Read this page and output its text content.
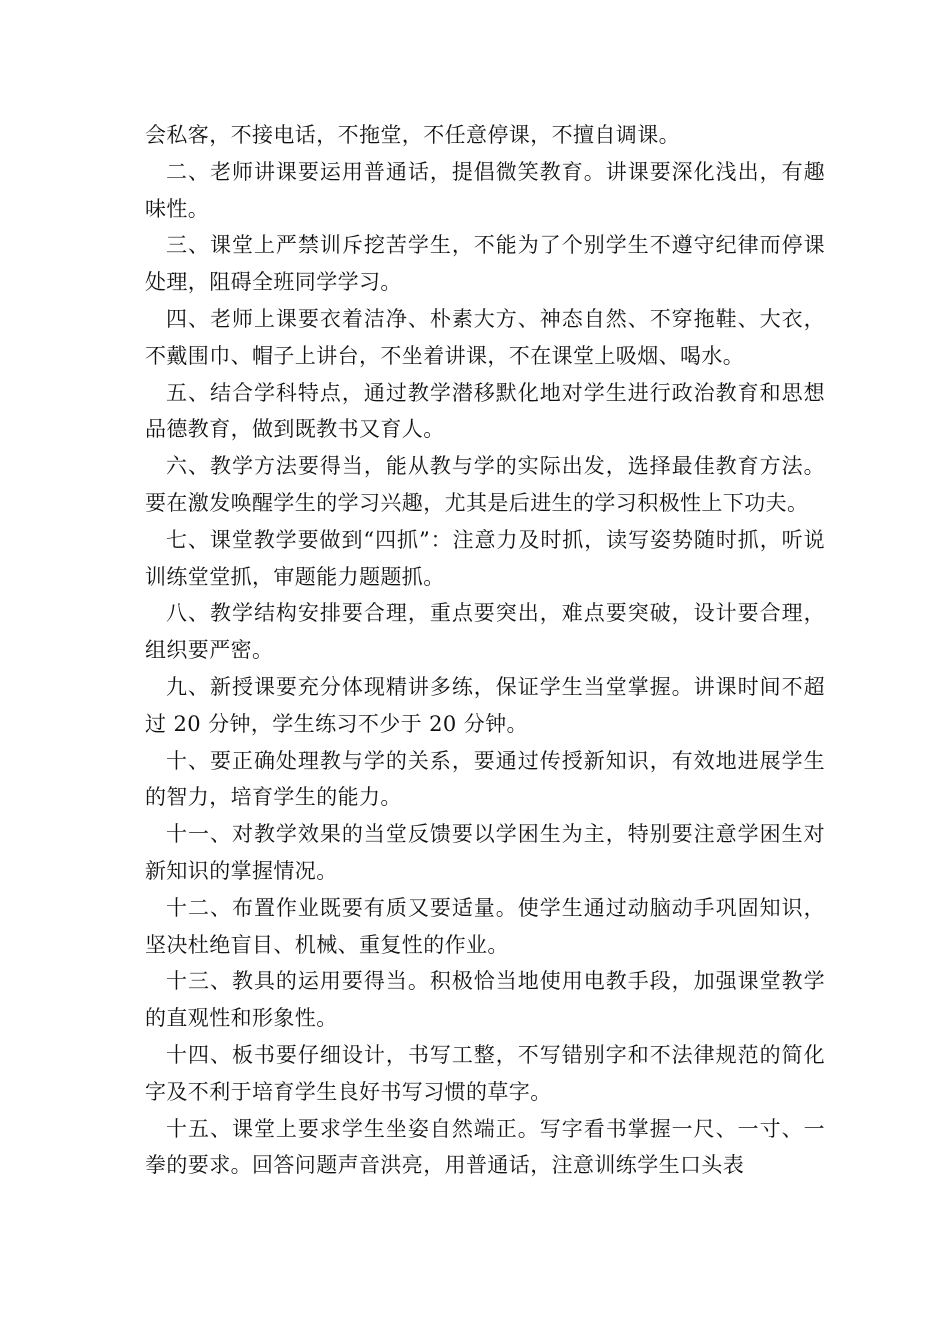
会私客，不接电话，不拖堂，不任意停课，不擅自调课。

二、老师讲课要运用普通话，提倡微笑教育。讲课要深化浅出，有趣味性。

三、课堂上严禁训斥挖苦学生，不能为了个别学生不遵守纪律而停课处理，阻碍全班同学学习。

四、老师上课要衣着洁净、朴素大方、神态自然、不穿拖鞋、大衣，不戴围巾、帽子上讲台，不坐着讲课，不在课堂上吸烟、喝水。

五、结合学科特点，通过教学潜移默化地对学生进行政治教育和思想品德教育，做到既教书又育人。

六、教学方法要得当，能从教与学的实际出发，选择最佳教育方法。要在激发唤醒学生的学习兴趣，尤其是后进生的学习积极性上下功夫。

七、课堂教学要做到“四抓”：注意力及时抓，读写姿势随时抓，听说训练堂堂抓，审题能力题题抓。

八、教学结构安排要合理，重点要突出，难点要突破，设计要合理，组织要严密。

九、新授课要充分体现精讲多练，保证学生当堂掌握。讲课时间不超过 20 分钟，学生练习不少于 20 分钟。

十、要正确处理教与学的关系，要通过传授新知识，有效地进展学生的智力，培育学生的能力。

十一、对教学效果的当堂反馈要以学困生为主，特别要注意学困生对新知识的掌握情况。

十二、布置作业既要有质又要适量。使学生通过动脑动手巩固知识，坚决杜绝盲目、机械、重复性的作业。

十三、教具的运用要得当。积极恰当地使用电教手段，加强课堂教学的直观性和形象性。

十四、板书要仔细设计，书写工整，不写错别字和不法律规范的简化字及不利于培育学生良好书写习惯的草字。

十五、课堂上要求学生坐姿自然端正。写字看书掌握一尺、一寸、一拳的要求。回答问题声音洪亮，用普通话，注意训练学生口头表
